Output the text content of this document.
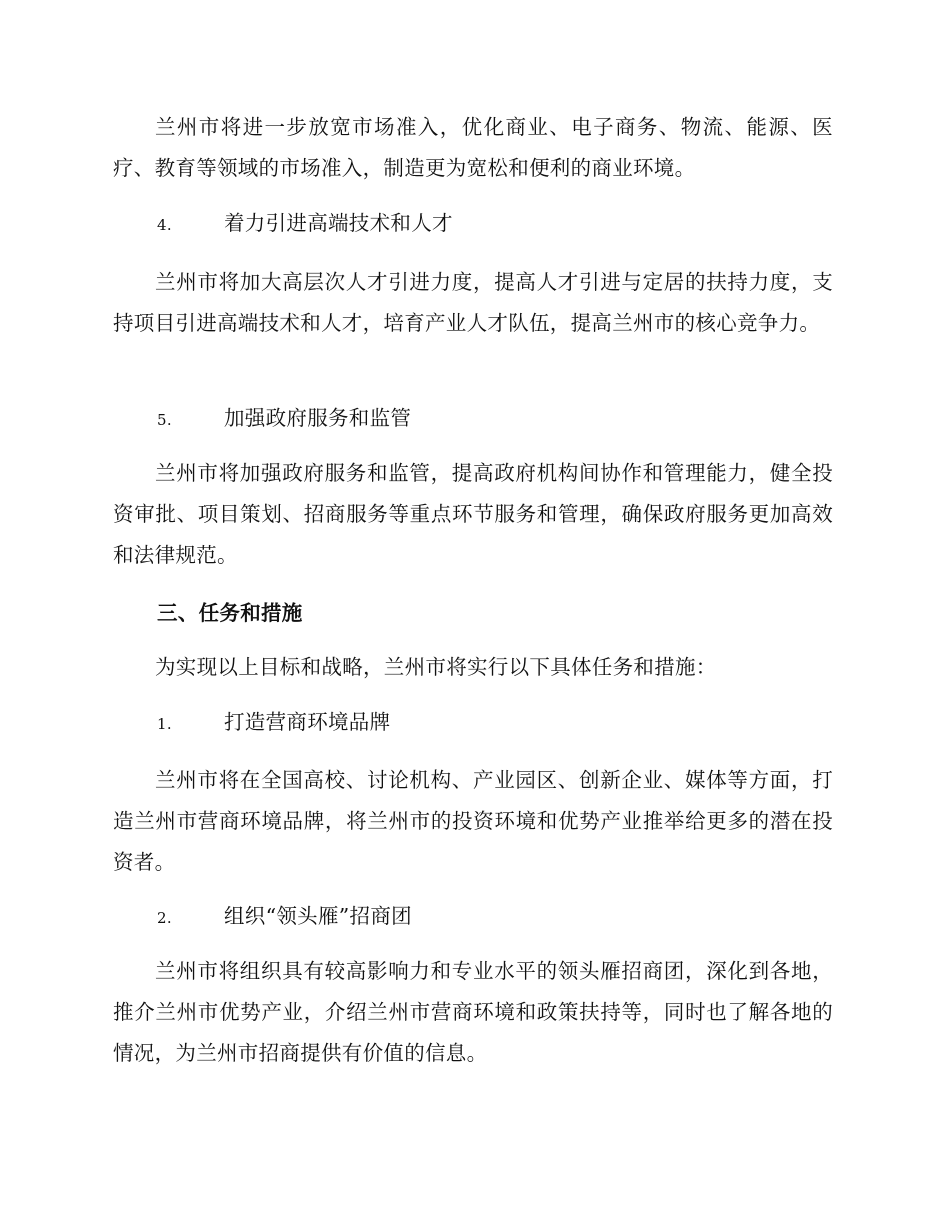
兰州市将进一步放宽市场准入，优化商业、电子商务、物流、能源、医疗、教育等领域的市场准入，制造更为宽松和便利的商业环境。

4.	着力引进高端技术和人才

兰州市将加大高层次人才引进力度，提高人才引进与定居的扶持力度，支持项目引进高端技术和人才，培育产业人才队伍，提高兰州市的核心竞争力。

5.	加强政府服务和监管

兰州市将加强政府服务和监管，提高政府机构间协作和管理能力，健全投资审批、项目策划、招商服务等重点环节服务和管理，确保政府服务更加高效和法律规范。

三、任务和措施

为实现以上目标和战略，兰州市将实行以下具体任务和措施：

1.	打造营商环境品牌

兰州市将在全国高校、讨论机构、产业园区、创新企业、媒体等方面，打造兰州市营商环境品牌，将兰州市的投资环境和优势产业推举给更多的潜在投资者。

2.	组织“领头雁”招商团

兰州市将组织具有较高影响力和专业水平的领头雁招商团，深化到各地，推介兰州市优势产业，介绍兰州市营商环境和政策扶持等，同时也了解各地的情况，为兰州市招商提供有价值的信息。
